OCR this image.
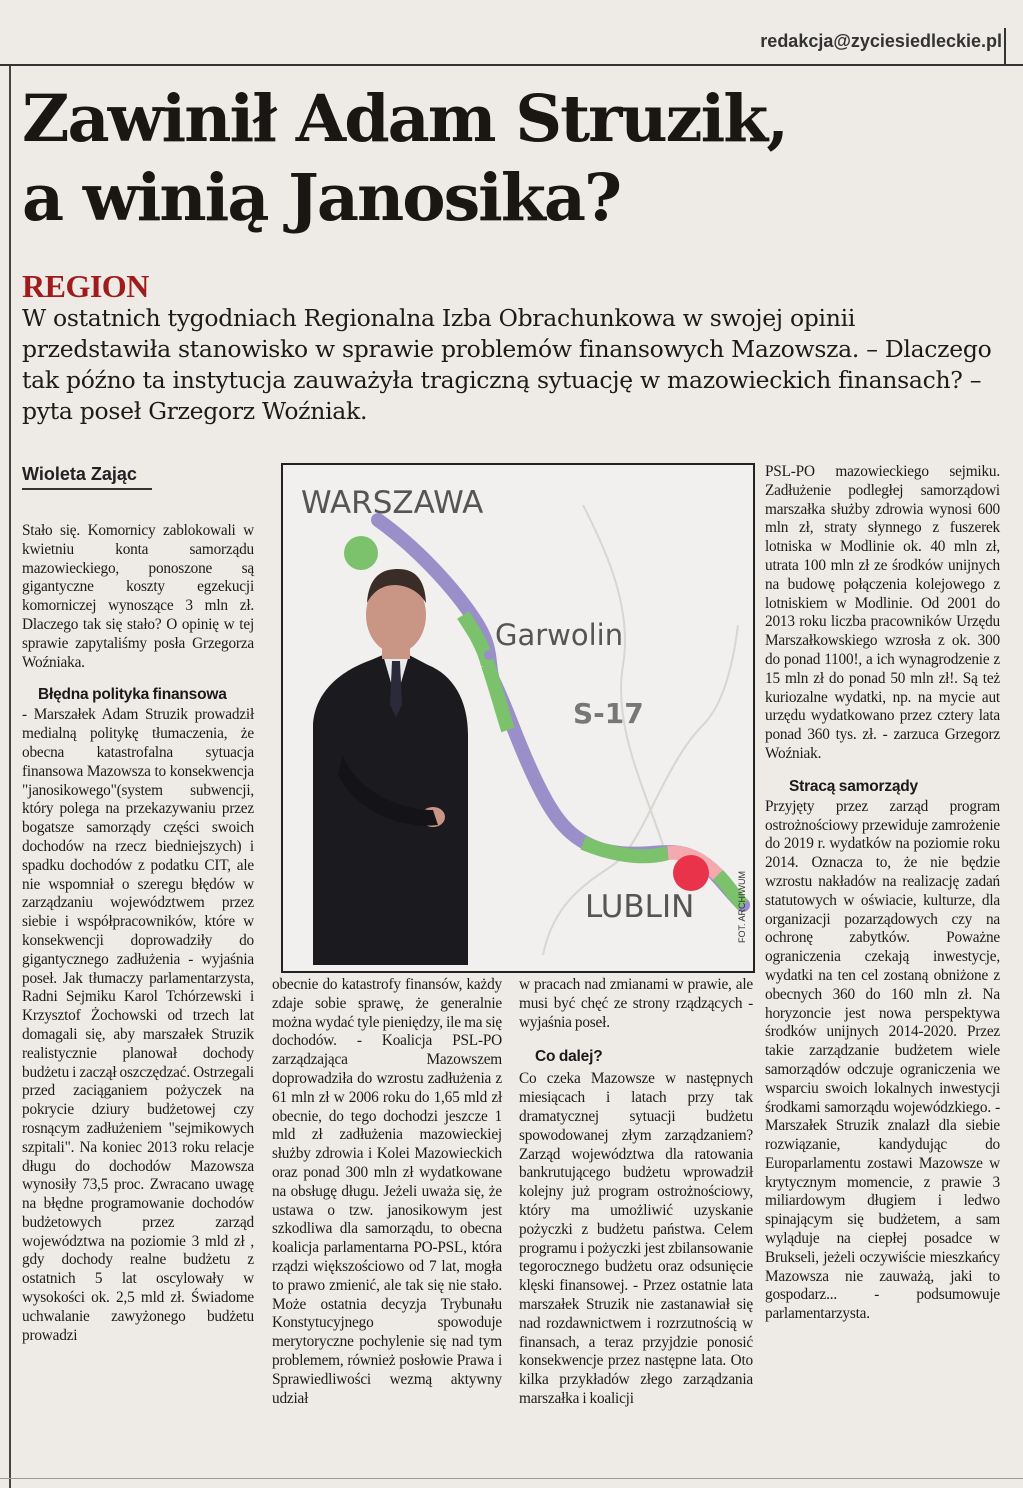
redakcja@zyciesiedleckie.pl
Zawinił Adam Struzik,
a winią Janosika?
REGION

W ostatnich tygodniach Regionalna Izba Obrachunkowa w swojej opinii przedstawiła stanowisko w sprawie problemów finansowych Mazowsza. – Dlaczego tak późno ta instytucja zauważyła tragiczną sytuację w mazowieckich finansach? – pyta poseł Grzegorz Woźniak.

Wioleta Zając

Stało się. Komornicy zablokowali w kwietniu konta samorządu mazowieckiego, ponoszone są gigantyczne koszty egzekucji komorniczej wynoszące 3 mln zł. Dlaczego tak się stało? O opinię w tej sprawie zapytaliśmy posła Grzegorza Woźniaka.

Błędna polityka finansowa

- Marszałek Adam Struzik prowadził medialną politykę tłumaczenia, że obecna katastrofalna sytuacja finansowa Mazowsza to konsekwencja "janosikowego"(system subwencji, który polega na przekazywaniu przez bogatsze samorządy części swoich dochodów na rzecz biedniejszych) i spadku dochodów z podatku CIT, ale nie wspomniał o szeregu błędów w zarządzaniu województwem przez siebie i współpracowników, które w konsekwencji doprowadziły do gigantycznego zadłużenia - wyjaśnia poseł. Jak tłumaczy parlamentarzysta, Radni Sejmiku Karol Tchórzewski i Krzysztof Żochowski od trzech lat domagali się, aby marszałek Struzik realistycznie planował dochody budżetu i zaczął oszczędzać. Ostrzegali przed zaciąganiem pożyczek na pokrycie dziury budżetowej czy rosnącym zadłużeniem "sejmikowych szpitali". Na koniec 2013 roku relacje długu do dochodów Mazowsza wynosiły 73,5 proc. Zwracano uwagę na błędne programowanie dochodów budżetowych przez zarząd województwa na poziomie 3 mld zł , gdy dochody realne budżetu z ostatnich 5 lat oscylowały w wysokości ok. 2,5 mld zł. Świadome uchwalanie zawyżonego budżetu prowadzi

WARSZAWA
Garwolin
S-17
LUBLIN	FOT. ARCHIWUM

obecnie do katastrofy finansów, każdy zdaje sobie sprawę, że generalnie można wydać tyle pieniędzy, ile ma się dochodów. - Koalicja PSL-PO zarządzająca Mazowszem doprowadziła do wzrostu zadłużenia z 61 mln zł w 2006 roku do 1,65 mld zł obecnie, do tego dochodzi jeszcze 1 mld zł zadłużenia mazowieckiej służby zdrowia i Kolei Mazowieckich oraz ponad 300 mln zł wydatkowane na obsługę długu. Jeżeli uważa się, że ustawa o tzw. janosikowym jest szkodliwa dla samorządu, to obecna koalicja parlamentarna PO-PSL, która rządzi większościowo od 7 lat, mogła to prawo zmienić, ale tak się nie stało. Może ostatnia decyzja Trybunału Konstytucyjnego spowoduje merytoryczne pochylenie się nad tym problemem, również posłowie Prawa i Sprawiedliwości wezmą aktywny udział

w pracach nad zmianami w prawie, ale musi być chęć ze strony rządzących - wyjaśnia poseł.

Co dalej?

Co czeka Mazowsze w następnych miesiącach i latach przy tak dramatycznej sytuacji budżetu spowodowanej złym zarządzaniem? Zarząd województwa dla ratowania bankrutującego budżetu wprowadził kolejny już program ostrożnościowy, który ma umożliwić uzyskanie pożyczki z budżetu państwa. Celem programu i pożyczki jest zbilansowanie tegorocznego budżetu oraz odsunięcie klęski finansowej. - Przez ostatnie lata marszałek Struzik nie zastanawiał się nad rozdawnictwem i rozrzutnością w finansach, a teraz przyjdzie ponosić konsekwencje przez następne lata. Oto kilka przykładów złego zarządzania marszałka i koalicji

PSL-PO mazowieckiego sejmiku. Zadłużenie podległej samorządowi marszałka służby zdrowia wynosi 600 mln zł, straty słynnego z fuszerek lotniska w Modlinie ok. 40 mln zł, utrata 100 mln zł ze środków unijnych na budowę połączenia kolejowego z lotniskiem w Modlinie. Od 2001 do 2013 roku liczba pracowników Urzędu Marszałkowskiego wzrosła z ok. 300 do ponad 1100!, a ich wynagrodzenie z 15 mln zł do ponad 50 mln zł!. Są też kuriozalne wydatki, np. na mycie aut urzędu wydatkowano przez cztery lata ponad 360 tys. zł. - zarzuca Grzegorz Woźniak.

Stracą samorządy

Przyjęty przez zarząd program ostrożnościowy przewiduje zamrożenie do 2019 r. wydatków na poziomie roku 2014. Oznacza to, że nie będzie wzrostu nakładów na realizację zadań statutowych w oświacie, kulturze, dla organizacji pozarządowych czy na ochronę zabytków. Poważne ograniczenia czekają inwestycje, wydatki na ten cel zostaną obniżone z obecnych 360 do 160 mln zł. Na horyzoncie jest nowa perspektywa środków unijnych 2014-2020. Przez takie zarządzanie budżetem wiele samorządów odczuje ograniczenia we wsparciu swoich lokalnych inwestycji środkami samorządu wojewódzkiego. - Marszałek Struzik znalazł dla siebie rozwiązanie, kandydując do Europarlamentu zostawi Mazowsze w krytycznym momencie, z prawie 3 miliardowym długiem i ledwo spinającym się budżetem, a sam wyląduje na ciepłej posadce w Brukseli, jeżeli oczywiście mieszkańcy Mazowsza nie zauważą, jaki to gospodarz... - podsumowuje parlamentarzysta.
